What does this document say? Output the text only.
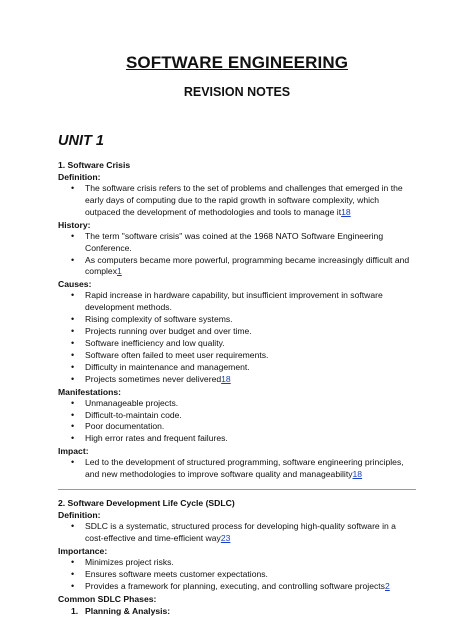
SOFTWARE ENGINEERING
REVISION NOTES
UNIT 1

1. Software Crisis

Definition:

• The software crisis refers to the set of problems and challenges that emerged in the early days of computing due to the rapid growth in software complexity, which outpaced the development of methodologies and tools to manage it18

History:

• The term "software crisis" was coined at the 1968 NATO Software Engineering Conference.
• As computers became more powerful, programming became increasingly difficult and complex1

Causes:

• Rapid increase in hardware capability, but insufficient improvement in software development methods.
• Rising complexity of software systems.
• Projects running over budget and over time.
• Software inefficiency and low quality.
• Software often failed to meet user requirements.
• Difficulty in maintenance and management.
• Projects sometimes never delivered18

Manifestations:

• Unmanageable projects.
• Difficult-to-maintain code.
• Poor documentation.
• High error rates and frequent failures.

Impact:

• Led to the development of structured programming, software engineering principles, and new methodologies to improve software quality and manageability18

2. Software Development Life Cycle (SDLC)

Definition:

• SDLC is a systematic, structured process for developing high-quality software in a cost-effective and time-efficient way23

Importance:

• Minimizes project risks.
• Ensures software meets customer expectations.
• Provides a framework for planning, executing, and controlling software projects2

Common SDLC Phases:

1. Planning & Analysis:
